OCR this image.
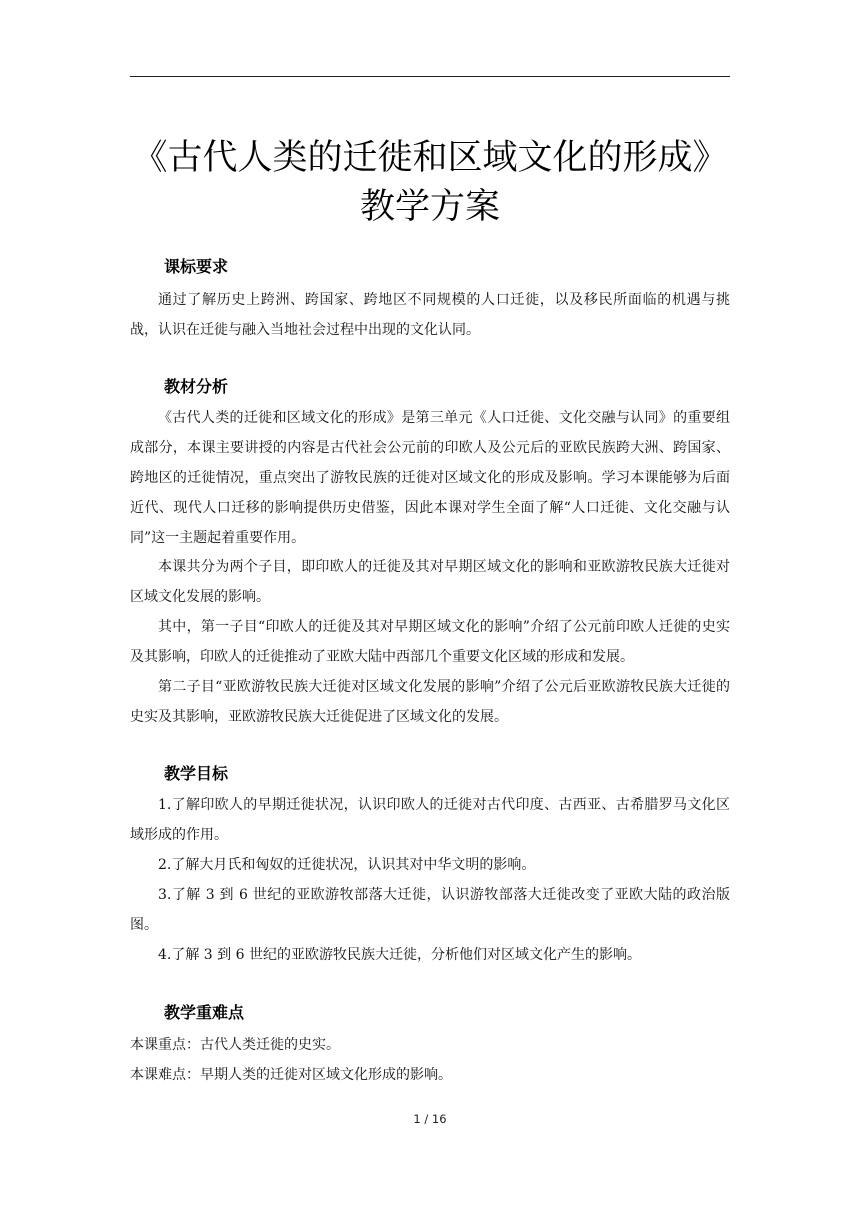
《古代人类的迁徙和区域文化的形成》
教学方案
课标要求
通过了解历史上跨洲、跨国家、跨地区不同规模的人口迁徙，以及移民所面临的机遇与挑战，认识在迁徙与融入当地社会过程中出现的文化认同。
教材分析
《古代人类的迁徙和区域文化的形成》是第三单元《人口迁徙、文化交融与认同》的重要组成部分，本课主要讲授的内容是古代社会公元前的印欧人及公元后的亚欧民族跨大洲、跨国家、跨地区的迁徙情况，重点突出了游牧民族的迁徙对区域文化的形成及影响。学习本课能够为后面近代、现代人口迁移的影响提供历史借鉴，因此本课对学生全面了解“人口迁徙、文化交融与认同”这一主题起着重要作用。
本课共分为两个子目，即印欧人的迁徙及其对早期区域文化的影响和亚欧游牧民族大迁徙对区域文化发展的影响。
其中，第一子目“印欧人的迁徙及其对早期区域文化的影响”介绍了公元前印欧人迁徙的史实及其影响，印欧人的迁徙推动了亚欧大陆中西部几个重要文化区域的形成和发展。
第二子目“亚欧游牧民族大迁徙对区域文化发展的影响”介绍了公元后亚欧游牧民族大迁徙的史实及其影响，亚欧游牧民族大迁徙促进了区域文化的发展。
教学目标
1.了解印欧人的早期迁徙状况，认识印欧人的迁徙对古代印度、古西亚、古希腊罗马文化区域形成的作用。
2.了解大月氏和匈奴的迁徙状况，认识其对中华文明的影响。
3.了解 3 到 6 世纪的亚欧游牧部落大迁徙，认识游牧部落大迁徙改变了亚欧大陆的政治版图。
4.了解 3 到 6 世纪的亚欧游牧民族大迁徙，分析他们对区域文化产生的影响。
教学重难点
本课重点：古代人类迁徙的史实。
本课难点：早期人类的迁徙对区域文化形成的影响。
1 / 16
